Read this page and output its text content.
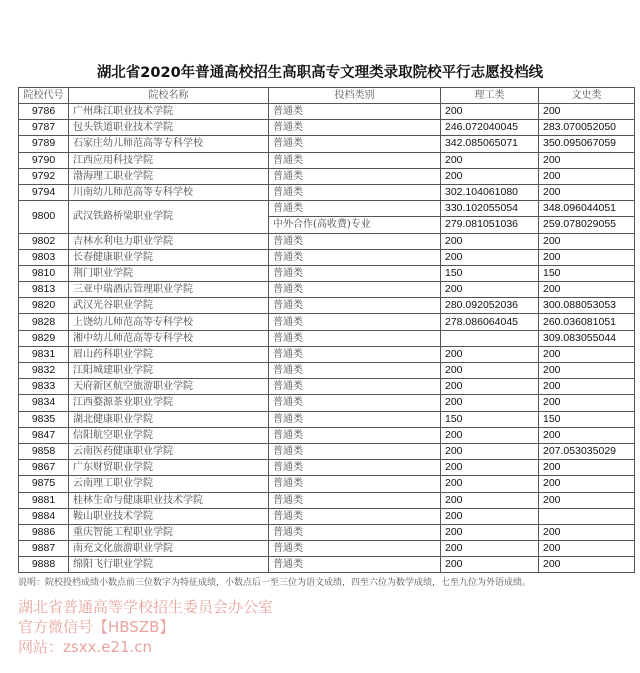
湖北省2020年普通高校招生高职高专文理类录取院校平行志愿投档线
院校代号	院校名称	投档类别	理工类	文史类
9786	广州珠江职业技术学院	普通类	200	200
9787	包头铁道职业技术学院	普通类	246.072040045	283.070052050
9789	石家庄幼儿师范高等专科学校	普通类	342.085065071	350.095067059
9790	江西应用科技学院	普通类	200	200
9792	渤海理工职业学院	普通类	200	200
9794	川南幼儿师范高等专科学校	普通类	302.104061080	200
9800	武汉铁路桥梁职业学院	普通类	330.102055054	348.096044051
		中外合作(高收费)专业	279.081051036	259.078029055
9802	吉林水利电力职业学院	普通类	200	200
9803	长春健康职业学院	普通类	200	200
9810	荆门职业学院	普通类	150	150
9813	三亚中瑞酒店管理职业学院	普通类	200	200
9820	武汉光谷职业学院	普通类	280.092052036	300.088053053
9828	上饶幼儿师范高等专科学校	普通类	278.086064045	260.036081051
9829	湘中幼儿师范高等专科学校	普通类		309.083055044
9831	眉山药科职业学院	普通类	200	200
9832	江阳城建职业学院	普通类	200	200
9833	天府新区航空旅游职业学院	普通类	200	200
9834	江西婺源茶业职业学院	普通类	200	200
9835	湖北健康职业学院	普通类	150	150
9847	信阳航空职业学院	普通类	200	200
9858	云南医药健康职业学院	普通类	200	207.053035029
9867	广东财贸职业学院	普通类	200	200
9875	云南理工职业学院	普通类	200	200
9881	桂林生命与健康职业技术学院	普通类	200	200
9884	鞍山职业技术学院	普通类	200	
9886	重庆智能工程职业学院	普通类	200	200
9887	南充文化旅游职业学院	普通类	200	200
9888	绵阳飞行职业学院	普通类	200	200
说明：院校投档成绩小数点前三位数字为特征成绩，小数点后一至三位为语文成绩，四至六位为数学成绩，七至九位为外语成绩。
湖北省普通高等学校招生委员会办公室
官方微信号【HBSZB】
网站：zsxx.e21.cn
